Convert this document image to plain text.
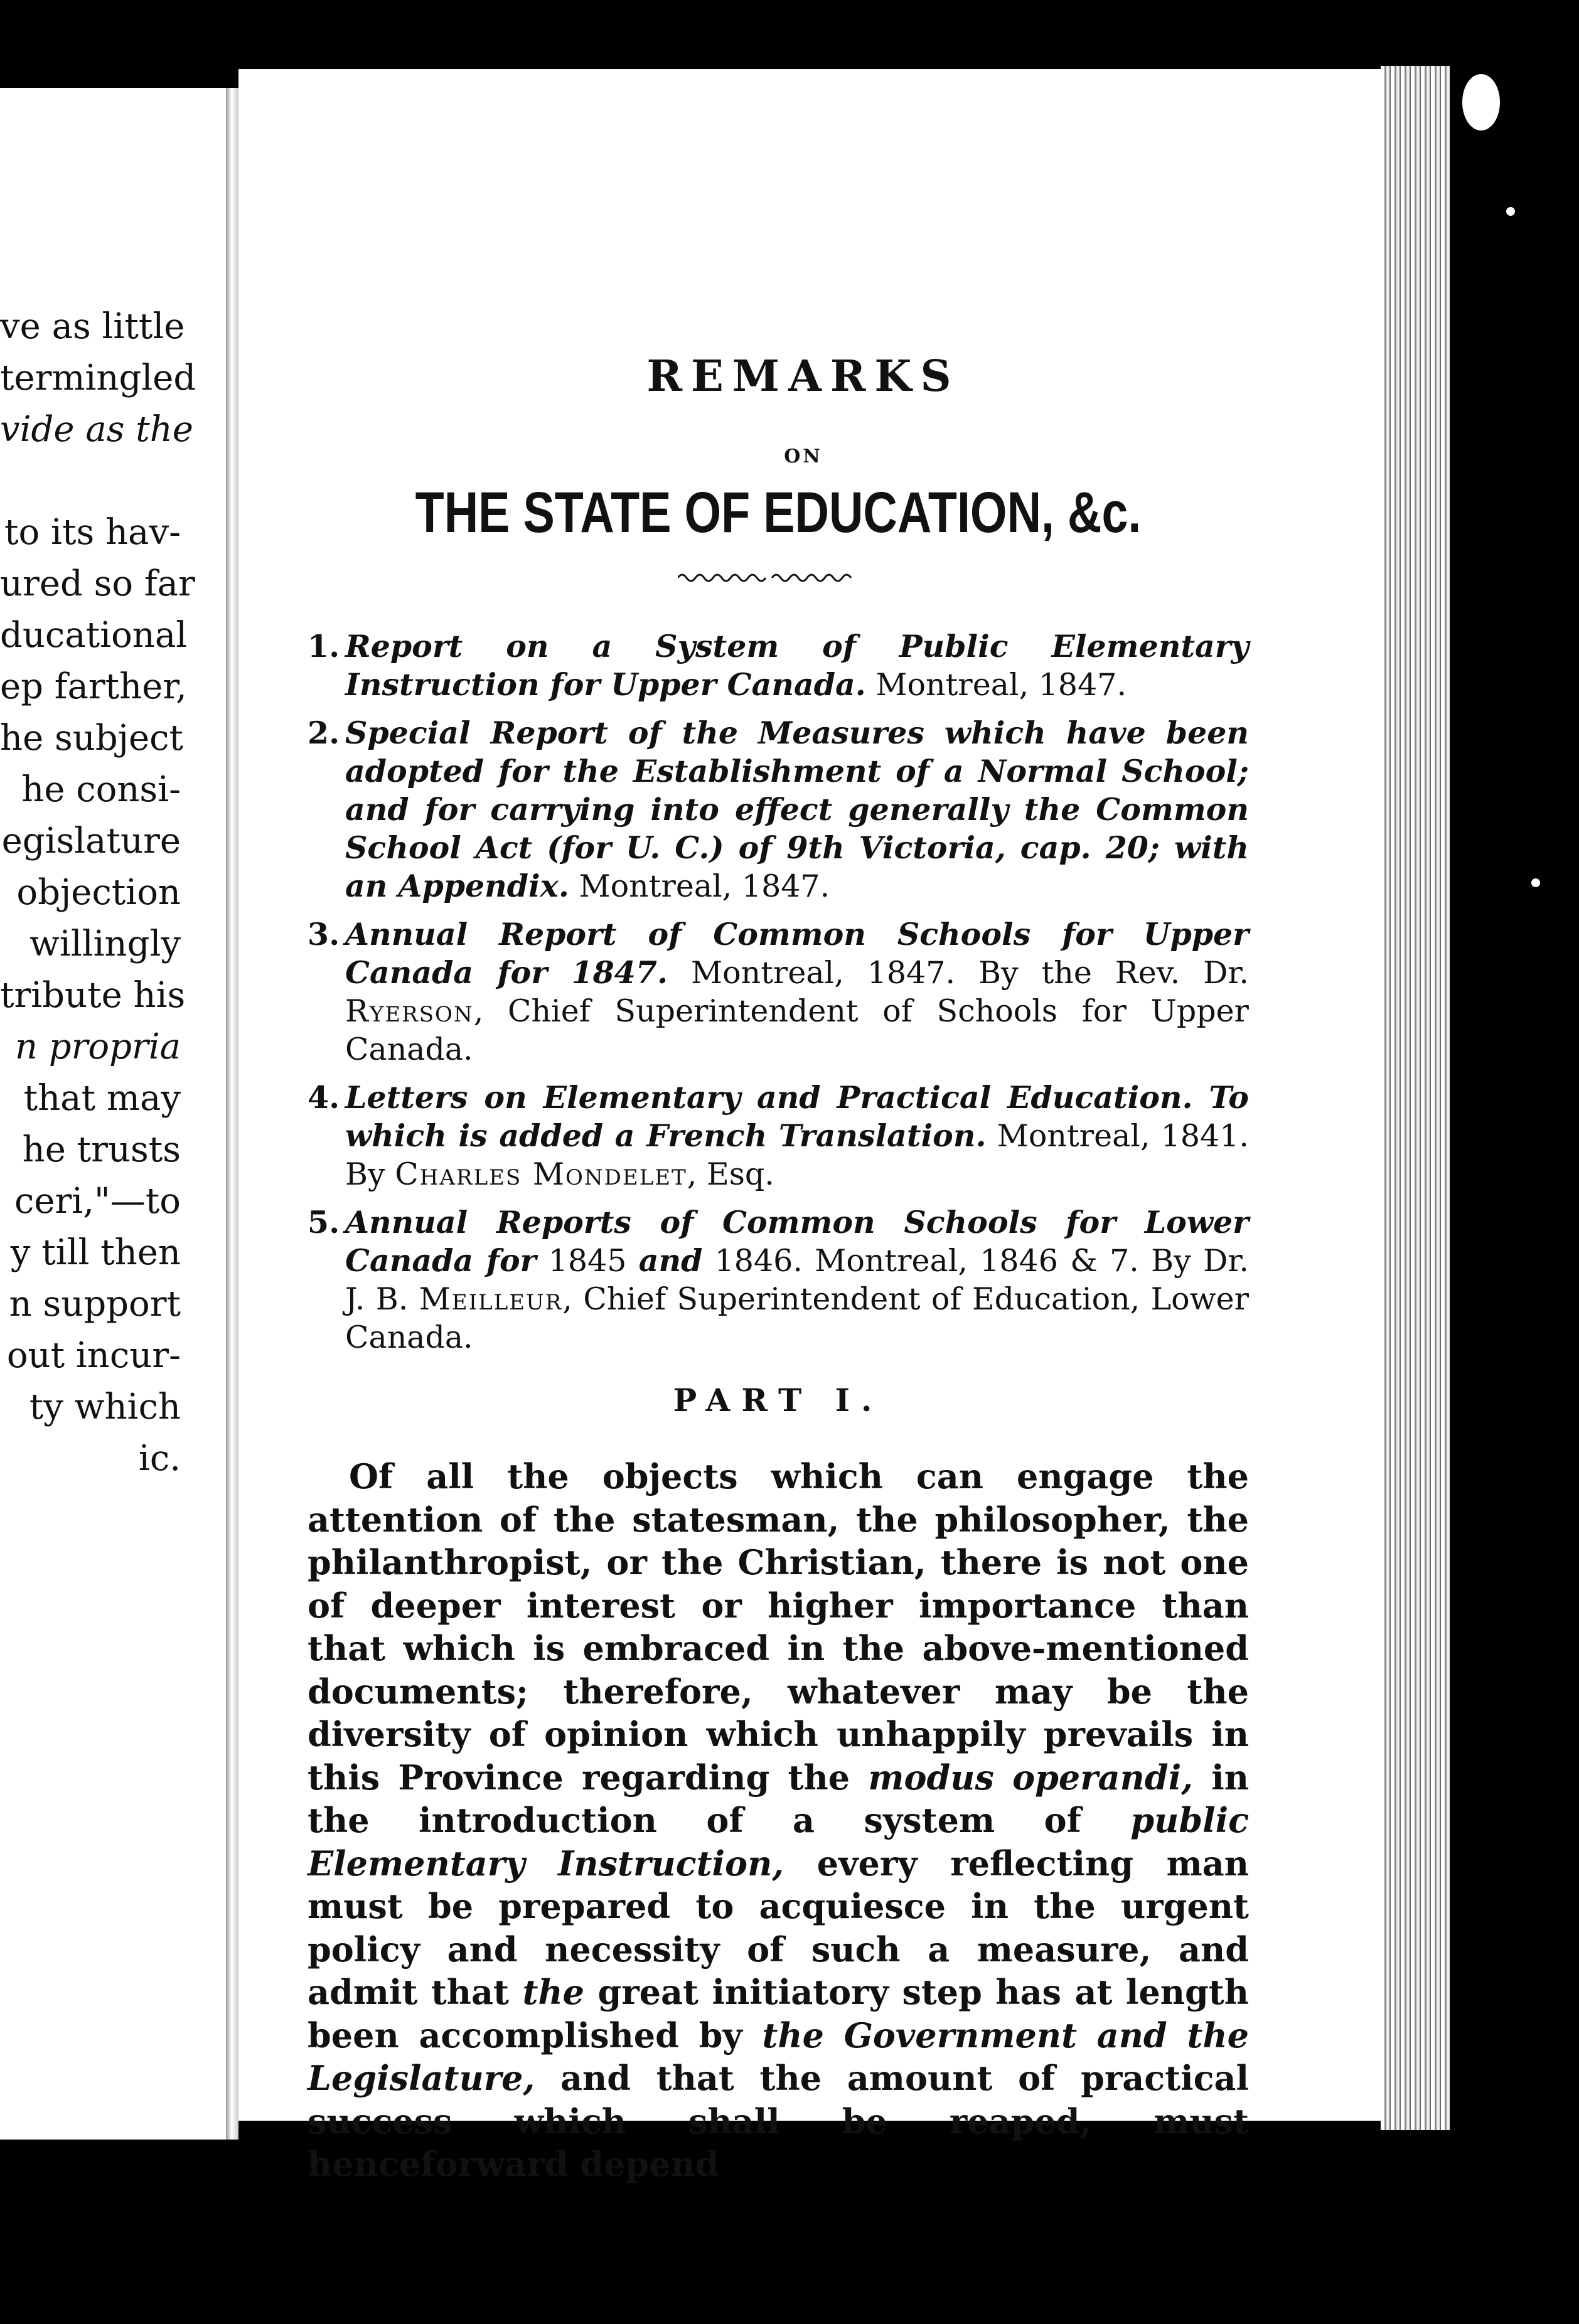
ve as little
termingled
vide as the

to its hav-
ured so far
ducational
ep farther,
he subject
he consi-
egislature
objection
willingly
tribute his
n propria
that may
he trusts
ceri,"—to
y till then
n support
out incur-
ty which
ic.
REMARKS
ON
THE STATE OF EDUCATION, &c.
1. Report on a System of Public Elementary Instruction for Upper Canada. Montreal, 1847.
2. Special Report of the Measures which have been adopted for the Establishment of a Normal School; and for carrying into effect generally the Common School Act (for U. C.) of 9th Victoria, cap. 20; with an Appendix. Montreal, 1847.
3. Annual Report of Common Schools for Upper Canada for 1847. Montreal, 1847. By the Rev. Dr. Ryerson, Chief Superintendent of Schools for Upper Canada.
4. Letters on Elementary and Practical Education. To which is added a French Translation. Montreal, 1841. By Charles Mondelet, Esq.
5. Annual Reports of Common Schools for Lower Canada for 1845 and 1846. Montreal, 1846 & 7. By Dr. J. B. Meilleur, Chief Superintendent of Education, Lower Canada.
PART I.
Of all the objects which can engage the attention of the statesman, the philosopher, the philanthropist, or the Christian, there is not one of deeper interest or higher importance than that which is embraced in the above-mentioned documents; therefore, whatever may be the diversity of opinion which unhappily prevails in this Province regarding the modus operandi, in the introduction of a system of public Elementary Instruction, every reflecting man must be prepared to acquiesce in the urgent policy and necessity of such a measure, and admit that the great initiatory step has at length been accomplished by the Government and the Legislature, and that the amount of practical success which shall be reaped, must henceforward depend
